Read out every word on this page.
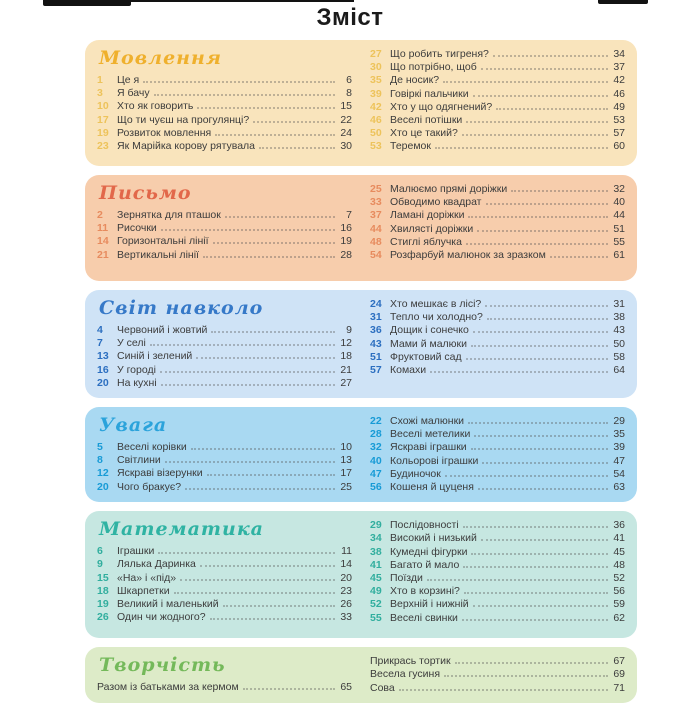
Зміст
Мовлення
1	Це я	6
3	Я бачу	8
10 Хто як говорить	15
17 Що ти чуєш на прогулянці?	22
19 Розвиток мовлення	24
23 Як Марійка корову рятувала	30
27 Що робить тигреня?	34
30 Що потрібно, щоб	37
35 Де носик?	42
39 Говіркі пальчики	46
42 Хто у що одягнений?	49
46 Веселі потішки	53
50 Хто це такий?	57
53 Теремок	60
Письмо
2	Зернятка для пташок	7
11 Рисочки	16
14 Горизонтальні лінії	19
21 Вертикальні лінії	28
25 Малюємо прямі доріжки	32
33 Обводимо квадрат	40
37 Ламані доріжки	44
44 Хвилясті доріжки	51
48 Стиглі яблучка	55
54 Розфарбуй малюнок за зразком	61
Світ навколо
4	Червоний і жовтий	9
7	У селі	12
13 Синій і зелений	18
16 У городі	21
20 На кухні	27
24 Хто мешкає в лісі?	31
31 Тепло чи холодно?	38
36 Дощик і сонечко	43
43 Мами й малюки	50
51 Фруктовий сад	58
57 Комахи	64
Увага
5	Веселі корівки	10
8	Світлини	13
12 Яскраві візерунки	17
20 Чого бракує?	25
22 Схожі малюнки	29
28 Веселі метелики	35
32 Яскраві іграшки	39
40 Кольорові іграшки	47
47 Будиночок	54
56 Кошеня й цуценя	63
Математика
6	Іграшки	11
9	Лялька Даринка	14
15 «На» і «під»	20
18 Шкарпетки	23
19 Великий і маленький	26
26 Один чи жодного?	33
29 Послідовності	36
34 Високий і низький	41
38 Кумедні фігурки	45
41 Багато й мало	48
45 Поїзди	52
49 Хто в корзині?	56
52 Верхній і нижній	59
55 Веселі свинки	62
Творчість
Разом із батьками за кермом	65
Прикрась тортик	67
Весела гусиня	69
Сова	71
